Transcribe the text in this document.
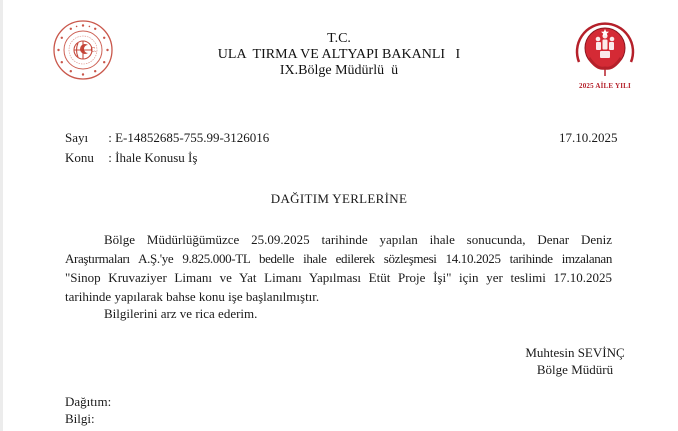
C.
T.C.
ULA  TIRMA VE ALTYAPI BAKANLI   I
IX.Bölge Müdürlü  ü
2025 AİLE YILI
Sayı : E-14852685-755.99-3126016
Konu : İhale Konusu İş
17.10.2025
DAĞITIM YERLERİNE
Bölge Müdürlüğümüzce 25.09.2025 tarihinde yapılan ihale sonucunda, Denar Deniz
Araştırmaları A.Ş.'ye 9.825.000-TL bedelle ihale edilerek sözleşmesi 14.10.2025 tarihinde imzalanan
"Sinop Kruvaziyer Limanı ve Yat Limanı Yapılması Etüt Proje İşi" için yer teslimi 17.10.2025
tarihinde yapılarak bahse konu işe başlanılmıştır.
Bilgilerini arz ve rica ederim.
Muhtesin SEVİNÇ
Bölge Müdürü
Dağıtım:
Bilgi:
